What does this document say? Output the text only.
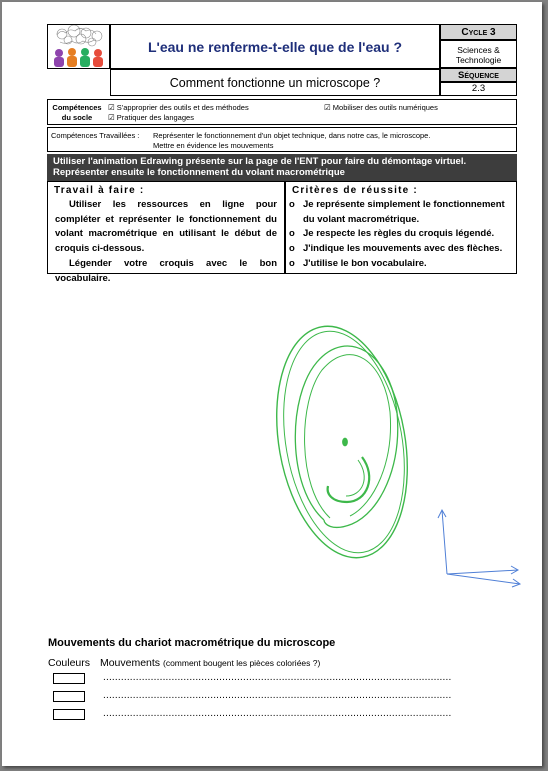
L'eau ne renferme-t-elle que de l'eau ?
Comment fonctionne un microscope ?
Cycle 3
Sciences & Technologie
Séquence
2.3
Compétences
du socle
☑ S'approprier des outils et des méthodes
☑ Pratiquer des langages
☑ Mobiliser des outils numériques
Compétences Travaillées : Représenter le fonctionnement d'un objet technique, dans notre cas, le microscope.
Mettre en évidence les mouvements
Utiliser l'animation Edrawing présente sur la page de l'ENT pour faire du démontage virtuel.
Représenter ensuite le fonctionnement du volant macrométrique
Travail à faire :
Utiliser les ressources en ligne pour compléter et représenter le fonctionnement du volant macrométrique en utilisant le début de croquis ci-dessous.
Légender votre croquis avec le bon vocabulaire.
Critères de réussite :
o Je représente simplement le fonctionnement du volant macrométrique.
o Je respecte les règles du croquis légendé.
o J'indique les mouvements avec des flèches.
o J'utilise le bon vocabulaire.
Mouvements du chariot macrométrique du microscope
Couleurs Mouvements (comment bougent les pièces coloriées ?)
.....................................................................................................................
.....................................................................................................................
.....................................................................................................................
